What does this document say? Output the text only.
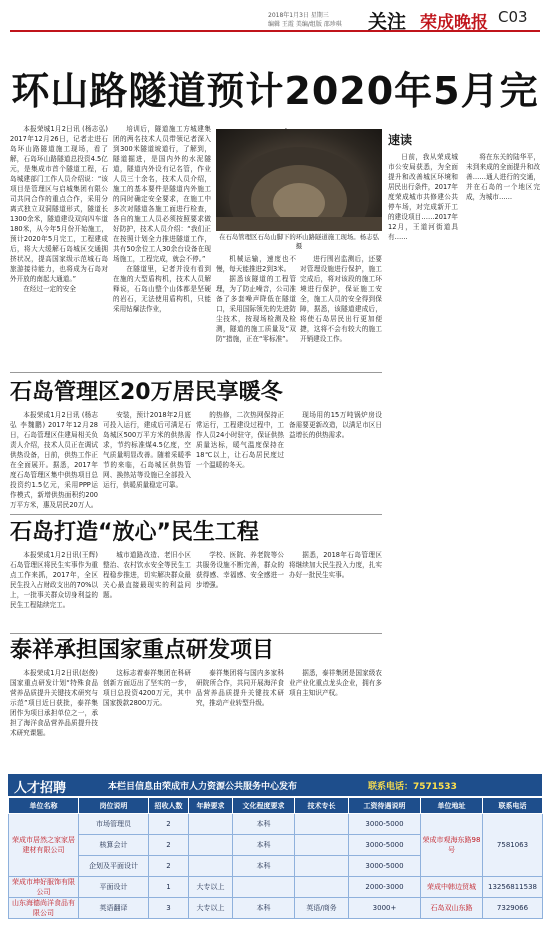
2018年1月3日 星期三
编辑 王霞 美编/组版 邵珍琪 关注 荣成晚报 C03
环山路隧道预计2020年5月完
本报荣城1月2日讯 (杨志弘) 2017年12月26日，记者走进石岛环山路隧道施工现场，看了解，石岛环山路隧道总投资4.5亿元，是集成市首个隧道工程，石岛城建部门工作人员介绍说：“该项目是管理区与启城集团有限公司共同合作的重点合作，采用分离式独立双洞隧道形式，隧道长1300余米，隧道建设双向四车道180米，从今年5月份开始施工，预计2020年5月完工，工程建成后，将大大缓解石岛城区交通拥挤状况，提高国家级示范城石岛旅游接待能力，也将成为石岛对外开放的南起大通道。”
在经过一定的安全
培训后，隧道施工方城建集团的两名技术人员带领记者深入到300米隧道坡道行，了解到，隧道掘进，是国内外的水泥隧道，隧道内外设有记名管，作业人员三十余名，技术人员介绍，施工的基本要件是隧道内外施工的同时确定安全要求，在施工中多次对隧道各施工面进行检查，各自的施工人员必须按照要求做好防护，技术人员介绍：“我们正在按照计划全力推进隧道工作，共有50余位工人30余台设备在现场施工，工程完成，就会不停。”
在隧道里，记者并没有看到在施的大型盾构机，技术人员解释说，石岛山整个山体都是坚硬的岩石，无法使用盾构机，只能采用钻爆法作业，
在石岛管理区石岛山脚下的环山路隧道施工现场。杨志弘 摄
机械运输，速度也不慢，每天能推进2到3米。
据悉该隧道的工程管理，为了防止噪音，公司准备了多套噪声降低在隧道口，采用国际领先的先进防尘技术，按现场检测及检测，隧道的施工质量及“双防”措施，正在“零标准”。
进行围岩监测后，还要对管理设施进行保护，施工完成后，将对该段的施工环境进行保护，保证施工安全，施工人员的安全得到保障，据悉，该隧道建成后，将使石岛居民出行更加便捷，这将不会有较大的施工开销建设工作。
速读
日前，我从荣成城市公安局获悉，为全面提升和改善城区环境和居民出行条件，2017年度荣成城市共修建公共停车场，对完成新开工的建设项目……2017年12月，王道河街道具有……
将在东关的陆华平，未到来成的全面提升和改善……通人进行的交通，并在石岛的一个地区完成，为城市……
石岛管理区20万居民享暖冬
本报荣成1月2日讯 (杨志弘 李魏鹏) 2017年12月28日，石岛管理区住建局相关负责人介绍，技术人员正在调试供热设备，日前，供热工作正在全面展开。据悉，2017年度石岛管理区集中供热项目总投资约1.5亿元，采用PPP运作模式，新增供热面积约200万平方米，惠及居民20万人。
安装，预计2018年2月底可投入运行，建成后可满足石岛城区500万平方米的供热需求，节约标准煤4.5亿度，空气质量明显改善。随着采暖季节的来临，石岛城区供热管网、换热站等设施已全部投入运行，供暖质量稳定可靠。
的热修，二次热网保持正常运行，工程建设过程中，工作人员24小时驻守，保证供热质量达标，暖气温度保持在18℃以上，让石岛居民度过一个温暖的冬天。
现场用的15万吨锅炉房设备需要更新改造，以满足市区日益增长的供热需求。
石岛打造“放心”民生工程
本报荣成1月2日讯(王辉) 石岛管理区将民生实事作为重点工作来抓，2017年，全区民生投入占财政支出的70%以上，一批事关群众切身利益的民生工程陆续完工。
城市道路改造、老旧小区整治、农村饮水安全等民生工程稳步推进，切实解决群众最关心最直接最现实的利益问题。
学校、医院、养老院等公共服务设施不断完善，群众的获得感、幸福感、安全感进一步增强。
据悉，2018年石岛管理区将继续加大民生投入力度，扎实办好一批民生实事。
泰祥承担国家重点研发项目
本报荣成1月2日讯(赵俊)国家重点研发计划“特殊食品营养品质提升关键技术研究与示范”项目近日获批，泰祥集团作为项目承担单位之一，承担了海洋食品营养品质提升技术研究课题。
这标志着泰祥集团在科研创新方面迈出了坚实的一步，项目总投资4200万元，其中国家拨款2800万元。
泰祥集团将与国内多家科研院所合作，共同开展海洋食品营养品质提升关键技术研究，推动产业转型升级。
据悉，泰祥集团是国家级农业产业化重点龙头企业，拥有多项自主知识产权。
人才招聘	本栏目信息由荣成市人力资源公共服务中心发布	联系电话：7571533
单位名称	岗位说明	招收人数	年龄要求	文化程度要求	技术专长	工资待遇说明	单位地址	联系电话
荣成市居然之家家居建材有限公司	市场管理员	2		本科		3000-5000	荣成市观海东路98号	7581063
	核算会计	2		本科		3000-5000		
	企划及平面设计	2		本科		3000-5000		
荣成市坤好服饰有限公司	平面设计	1	大专以上			2000-3000	荣成中韩边贸城	13256811538
山东海德尚洋食品有限公司	英语翻译	3	大专以上	本科	英语/商务	3000+	石岛双山东路	7329066
